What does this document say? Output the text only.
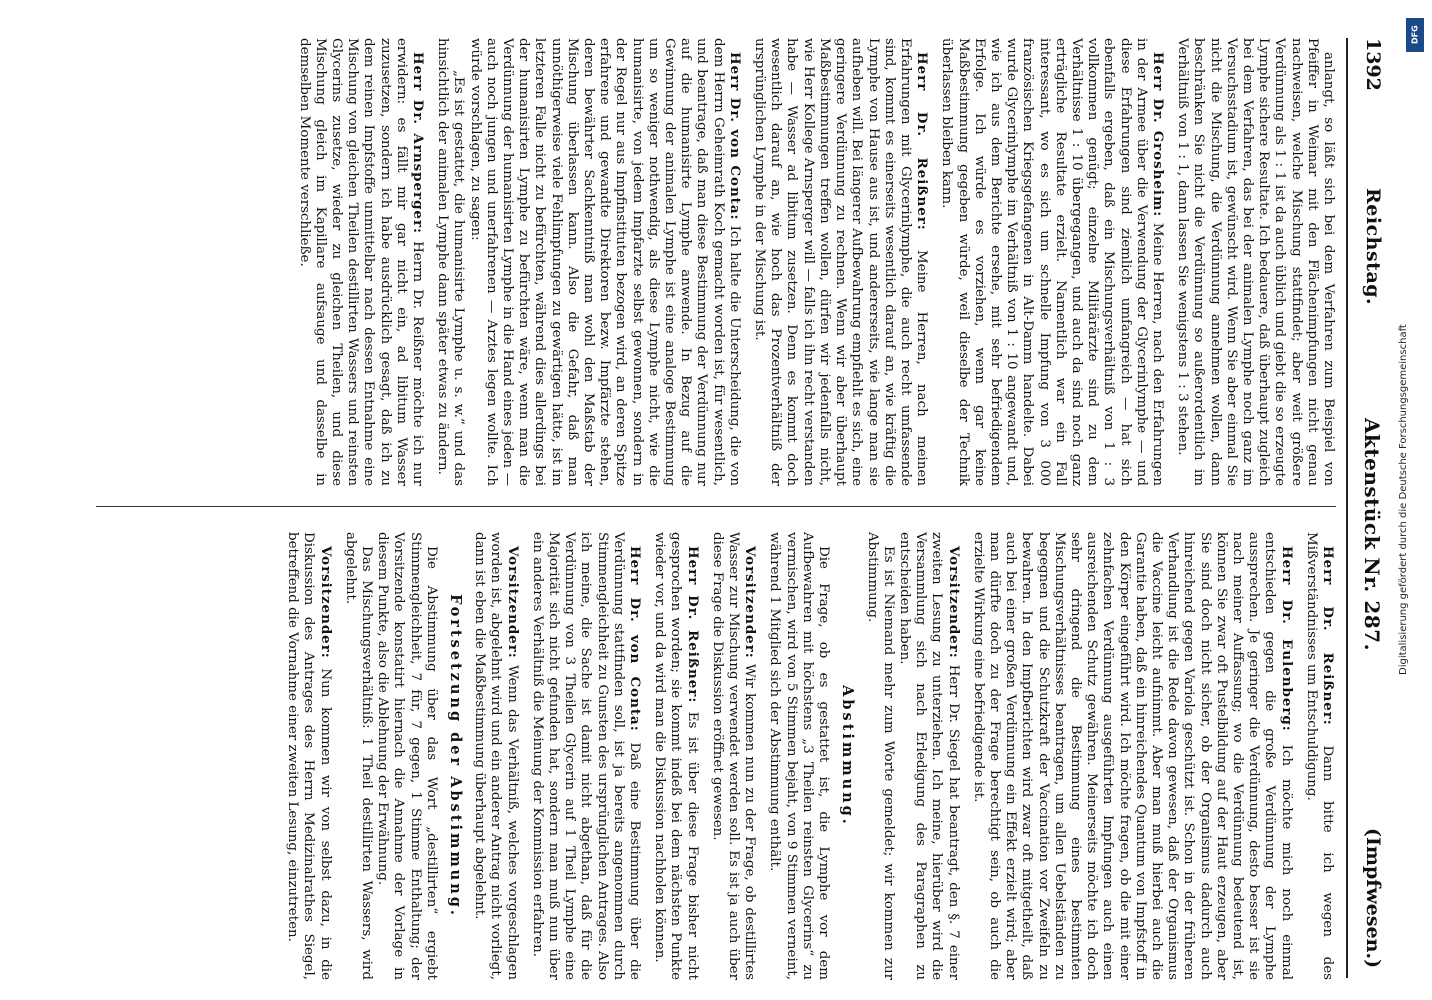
1392
Reichstag.
Aktenstück Nr. 287.
(Impfwesen.)

anlangt, so läßt sich bei dem Verfahren zum Beispiel von Pfeiffer in Weimar mit den Flächenimpfungen nicht genau nachweisen, welche Mischung stattfindet; aber weit größere Verdünnung als 1 : 1 ist da auch üblich und giebt die so erzeugte Lymphe sichere Resultate. Ich bedauere, daß überhaupt zugleich bei dem Verfahren, das bei der animalen Lymphe noch ganz im Versuchsstadium ist, gewünscht wird. Wenn Sie aber einmal Sie nicht die Mischung, die Verdünnung annehmen wollen, dann beschränken Sie nicht die Verdünnung so außerordentlich im Verhältniß von 1 : 1, dann lassen Sie wenigstens 1 : 3 stehen.

Herr Dr. Grosheim: Meine Herren, nach den Erfahrungen in der Armee über die Verwendung der Glycerinlymphe — und diese Erfahrungen sind ziemlich umfangreich — hat sich ebenfalls ergeben, daß ein Mischungsverhältniß von 1 : 3 vollkommen genügt; einzelne Militärärzte sind zu dem Verhältnisse 1 : 10 übergegangen, und auch da sind noch ganz erträgliche Resultate erzielt. Namentlich war ein Fall interessant, wo es sich um schnelle Impfung von 3 000 französischen Kriegsgefangenen in Alt-Damm handelte. Dabei wurde Glycerinlymphe im Verhältniß von 1 : 10 angewandt und, wie ich aus dem Berichte ersehe, mit sehr befriedigendem Erfolge. Ich würde es vorziehen, wenn gar keine Maßbestimmung gegeben würde, weil dieselbe der Technik überlassen bleiben kann.

Herr Dr. Reißner: Meine Herren, nach meinen Erfahrungen mit Glycerinlymphe, die auch recht umfassende sind, kommt es einerseits wesentlich darauf an, wie kräftig die Lymphe von Hause aus ist, und andererseits, wie lange man sie aufheben will. Bei längerer Aufbewahrung empfiehlt es sich, eine geringere Verdünnung zu rechnen. Wenn wir aber überhaupt Maßbestimmungen treffen wollen, dürfen wir jedenfalls nicht, wie Herr Kollege Arnsperger will — falls ich ihn recht verstanden habe — Wasser ad libitum zusetzen. Denn es kommt doch wesentlich darauf an, wie hoch das Prozentverhältniß der ursprünglichen Lymphe in der Mischung ist.

Herr Dr. von Conta: Ich halte die Unterscheidung, die von dem Herrn Geheimrath Koch gemacht worden ist, für wesentlich, und beantrage, daß man diese Bestimmung der Verdünnung nur auf die humanisirte Lymphe anwende. In Bezug auf die Gewinnung der animalen Lymphe ist eine analoge Bestimmung um so weniger nothwendig, als diese Lymphe nicht, wie die humanisirte, von jedem Impfarzte selbst gewonnen, sondern in der Regel nur aus Impfinstituten bezogen wird, an deren Spitze erfahrene und gewandte Direktoren bezw. Impfärzte stehen, deren bewährter Sachkenntniß man wohl den Maßstab der Mischung überlassen kann. Also die Gefahr, daß man unnöthigerweise viele Fehlimpfungen zu gewärtigen hätte, ist im letzteren Falle nicht zu befürchten, während dies allerdings bei der humanisirten Lymphe zu befürchten wäre, wenn man die Verdünnung der humanisirten Lymphe in die Hand eines jeden — auch noch jungen und unerfahrenen — Arztes legen wollte. Ich würde vorschlagen, zu sagen:

„Es ist gestattet, die humanisirte Lymphe u. s. w.“ und das hinsichtlich der animalen Lymphe dann später etwas zu ändern.

Herr Dr. Arnsperger: Herrn Dr. Reißner möchte ich nur erwidern: es fällt mir gar nicht ein, ad libitum Wasser zuzusetzen, sondern ich habe ausdrücklich gesagt, daß ich zu dem reinen Impfstoffe unmittelbar nach dessen Entnahme eine Mischung von gleichen Theilen destillirten Wassers und reinsten Glycerins zusetze, wieder zu gleichen Theilen, und diese Mischung gleich im Kapillare aufsauge und dasselbe in demselben Momente verschließe.

Herr Dr. Reißner: Dann bitte ich wegen des Mißverständnisses um Entschuldigung.

Herr Dr. Eulenberg: Ich möchte mich noch einmal entschieden gegen die große Verdünnung der Lymphe aussprechen. Je geringer die Verdünnung, desto besser ist sie nach meiner Auffassung; wo die Verdünnung bedeutend ist, können Sie zwar oft Pustelbildung auf der Haut erzeugen, aber Sie sind doch nicht sicher, ob der Organismus dadurch auch hinreichend gegen Variola geschützt ist. Schon in der früheren Verhandlung ist die Rede davon gewesen, daß der Organismus die Vaccine leicht aufnimmt. Aber man muß hierbei auch die Garantie haben, daß ein hinreichendes Quantum von Impfstoff in den Körper eingeführt wird. Ich möchte fragen, ob die mit einer zehnfachen Verdünnung ausgeführten Impfungen auch einen ausreichenden Schutz gewähren. Meinerseits möchte ich doch sehr dringend die Bestimmung eines bestimmten Mischungsverhältnisses beantragen, um allen Uebelständen zu begegnen und die Schutzkraft der Vaccination vor Zweifeln zu bewahren. In den Impfberichten wird zwar oft mitgetheilt, daß auch bei einer großen Verdünnung ein Effekt erzielt wird; aber man dürfte doch zu der Frage berechtigt sein, ob auch die erzielte Wirkung eine befriedigende ist.

Vorsitzender: Herr Dr. Siegel hat beantragt, den §. 7 einer zweiten Lesung zu unterziehen. Ich meine, hierüber wird die Versammlung sich nach Erledigung des Paragraphen zu entscheiden haben.

Es ist Niemand mehr zum Worte gemeldet; wir kommen zur Abstimmung.

Abstimmung.

Die Frage, ob es gestattet ist, die Lymphe vor dem Aufbewahren mit höchstens „3 Theilen reinsten Glycerins“ zu vermischen, wird von 5 Stimmen bejaht, von 9 Stimmen verneint, während 1 Mitglied sich der Abstimmung enthält.

Vorsitzender: Wir kommen nun zu der Frage, ob destillirtes Wasser zur Mischung verwendet werden soll. Es ist ja auch über diese Frage die Diskussion eröffnet gewesen.

Herr Dr. Reißner: Es ist über diese Frage bisher nicht gesprochen worden; sie kommt indeß bei dem nächsten Punkte wieder vor, und da wird man die Diskussion nachholen können.

Herr Dr. von Conta: Daß eine Bestimmung über die Verdünnung stattfinden soll, ist ja bereits angenommen durch Stimmengleichheit zu Gunsten des ursprünglichen Antrages. Also ich meine, die Sache ist damit nicht abgethan, daß für die Verdünnung von 3 Theilen Glycerin auf 1 Theil Lymphe eine Majorität sich nicht gefunden hat, sondern man muß nun über ein anderes Verhältniß die Meinung der Kommission erfahren.

Vorsitzender: Wenn das Verhältniß, welches vorgeschlagen worden ist, abgelehnt wird und ein anderer Antrag nicht vorliegt, dann ist eben die Maßbestimmung überhaupt abgelehnt.

Fortsetzung der Abstimmung.

Die Abstimmung über das Wort „destillirten“ ergiebt Stimmengleichheit, 7 für, 7 gegen, 1 Stimme Enthaltung; der Vorsitzende konstatirt hiernach die Annahme der Vorlage in diesem Punkte, also die Ablehnung der Erwähnung.

Das Mischungsverhältniß: 1 Theil destillirten Wassers, wird abgelehnt.

Vorsitzender: Nun kommen wir von selbst dazu, in die Diskussion des Antrages des Herrn Medizinalrathes Siegel, betreffend die Vornahme einer zweiten Lesung, einzutreten.

DFG
Digitalisierung gefördert durch die Deutsche Forschungsgemeinschaft
